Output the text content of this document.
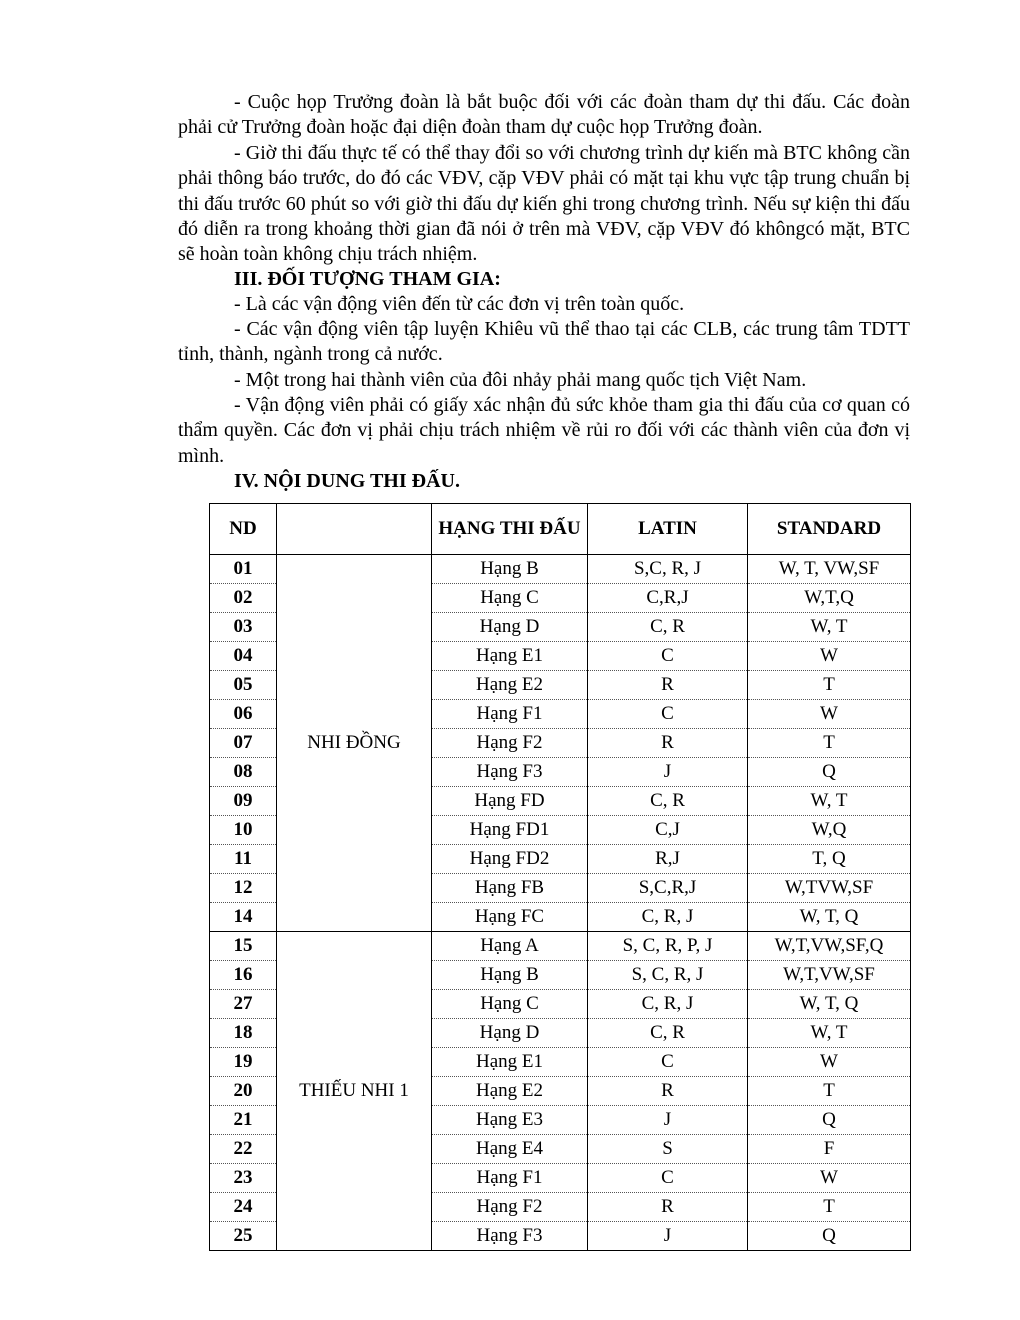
- Cuộc họp Trưởng đoàn là bắt buộc đối với các đoàn tham dự thi đấu. Các đoàn phải cử Trưởng đoàn hoặc đại diện đoàn tham dự cuộc họp Trưởng đoàn.

- Giờ thi đấu thực tế có thể thay đổi so với chương trình dự kiến mà BTC không cần phải thông báo trước, do đó các VĐV, cặp VĐV phải có mặt tại khu vực tập trung chuẩn bị thi đấu trước 60 phút so với giờ thi đấu dự kiến ghi trong chương trình. Nếu sự kiện thi đấu đó diễn ra trong khoảng thời gian đã nói ở trên mà VĐV, cặp VĐV đó khôngcó mặt, BTC sẽ hoàn toàn không chịu trách nhiệm.

III. ĐỐI TƯỢNG THAM GIA:

- Là các vận động viên đến từ các đơn vị trên toàn quốc.

- Các vận động viên tập luyện Khiêu vũ thể thao tại các CLB, các trung tâm TDTT tỉnh, thành, ngành trong cả nước.

- Một trong hai thành viên của đôi nhảy phải mang quốc tịch Việt Nam.

- Vận động viên phải có giấy xác nhận đủ sức khỏe tham gia thi đấu của cơ quan có thẩm quyền. Các đơn vị phải chịu trách nhiệm về rủi ro đối với các thành viên của đơn vị mình.

IV. NỘI DUNG THI ĐẤU.

ND		HẠNG THI ĐẤU	LATIN	STANDARD
01	NHI ĐỒNG	Hạng B	S,C, R, J	W, T, VW,SF
02		Hạng C	C,R,J	W,T,Q
03		Hạng D	C, R	W, T
04		Hạng E1	C	W
05		Hạng E2	R	T
06		Hạng F1	C	W
07		Hạng F2	R	T
08		Hạng F3	J	Q
09		Hạng FD	C, R	W, T
10		Hạng FD1	C,J	W,Q
11		Hạng FD2	R,J	T, Q
12		Hạng FB	S,C,R,J	W,TVW,SF
14		Hạng FC	C, R, J	W, T, Q
15	THIẾU NHI 1	Hạng A	S, C, R, P, J	W,T,VW,SF,Q
16		Hạng B	S, C, R, J	W,T,VW,SF
27		Hạng C	C, R, J	W, T, Q
18		Hạng D	C, R	W, T
19		Hạng E1	C	W
20		Hạng E2	R	T
21		Hạng E3	J	Q
22		Hạng E4	S	F
23		Hạng F1	C	W
24		Hạng F2	R	T
25		Hạng F3	J	Q
